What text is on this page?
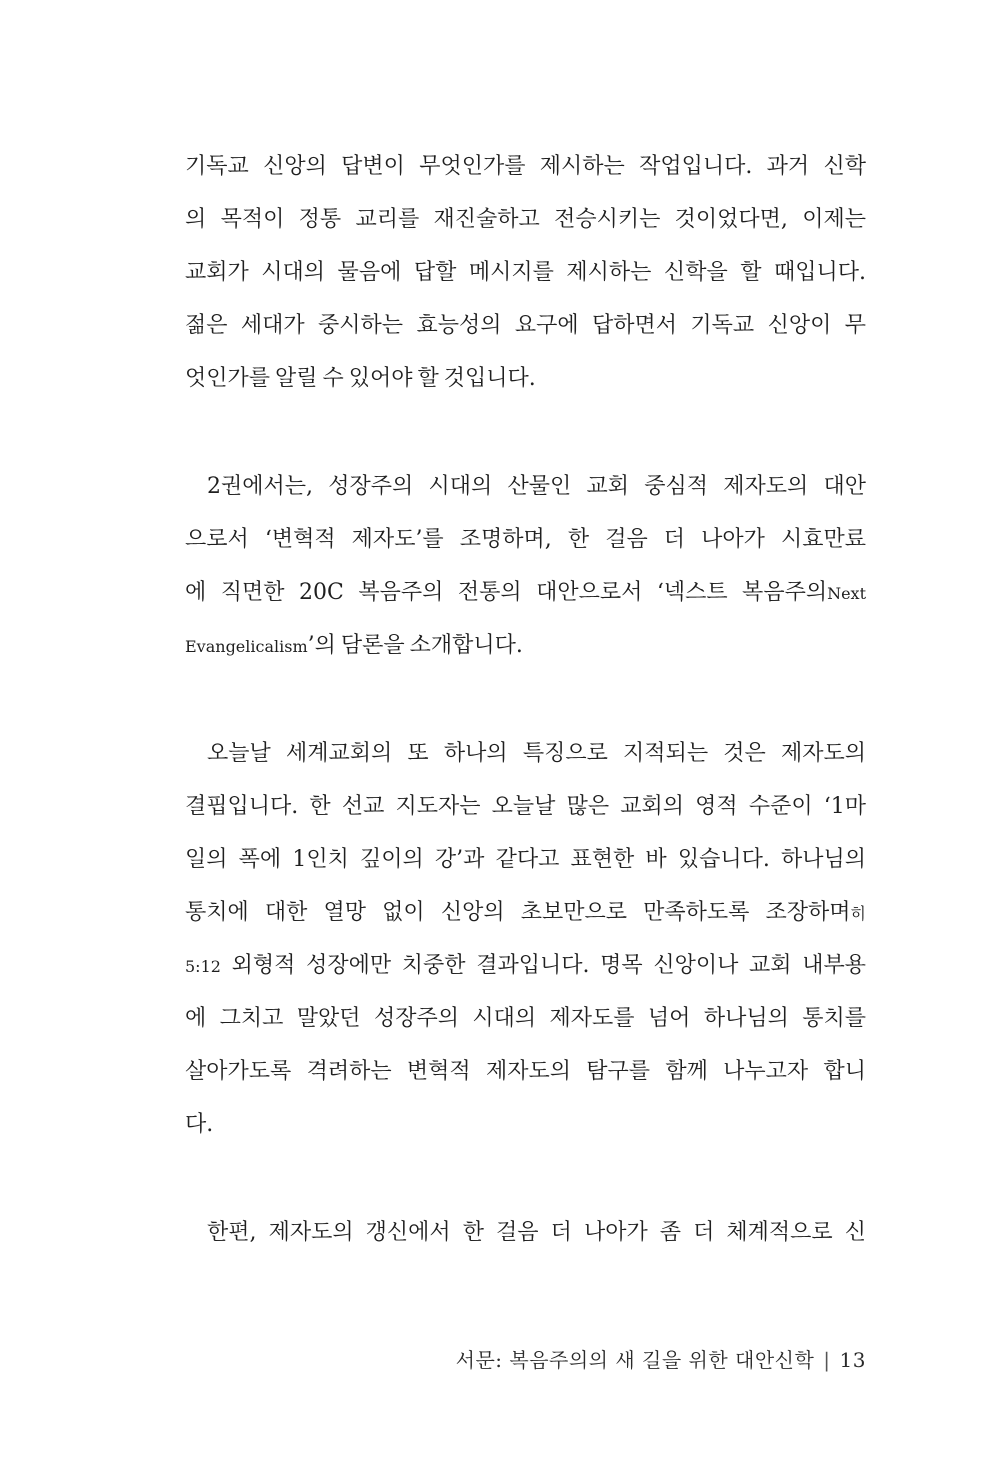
기독교 신앙의 답변이 무엇인가를 제시하는 작업입니다. 과거 신학
의 목적이 정통 교리를 재진술하고 전승시키는 것이었다면, 이제는
교회가 시대의 물음에 답할 메시지를 제시하는 신학을 할 때입니다.
젊은 세대가 중시하는 효능성의 요구에 답하면서 기독교 신앙이 무
엇인가를 알릴 수 있어야 할 것입니다.
2권에서는, 성장주의 시대의 산물인 교회 중심적 제자도의 대안
으로서 ‘변혁적 제자도’를 조명하며, 한 걸음 더 나아가 시효만료
에 직면한 20C 복음주의 전통의 대안으로서 ‘넥스트 복음주의Next
Evangelicalism’의 담론을 소개합니다.
오늘날 세계교회의 또 하나의 특징으로 지적되는 것은 제자도의
결핍입니다. 한 선교 지도자는 오늘날 많은 교회의 영적 수준이 ‘1마
일의 폭에 1인치 깊이의 강’과 같다고 표현한 바 있습니다. 하나님의
통치에 대한 열망 없이 신앙의 초보만으로 만족하도록 조장하며히
5:12 외형적 성장에만 치중한 결과입니다. 명목 신앙이나 교회 내부용
에 그치고 말았던 성장주의 시대의 제자도를 넘어 하나님의 통치를
살아가도록 격려하는 변혁적 제자도의 탐구를 함께 나누고자 합니
다.
한편, 제자도의 갱신에서 한 걸음 더 나아가 좀 더 체계적으로 신
서문: 복음주의의 새 길을 위한 대안신학 | 13
